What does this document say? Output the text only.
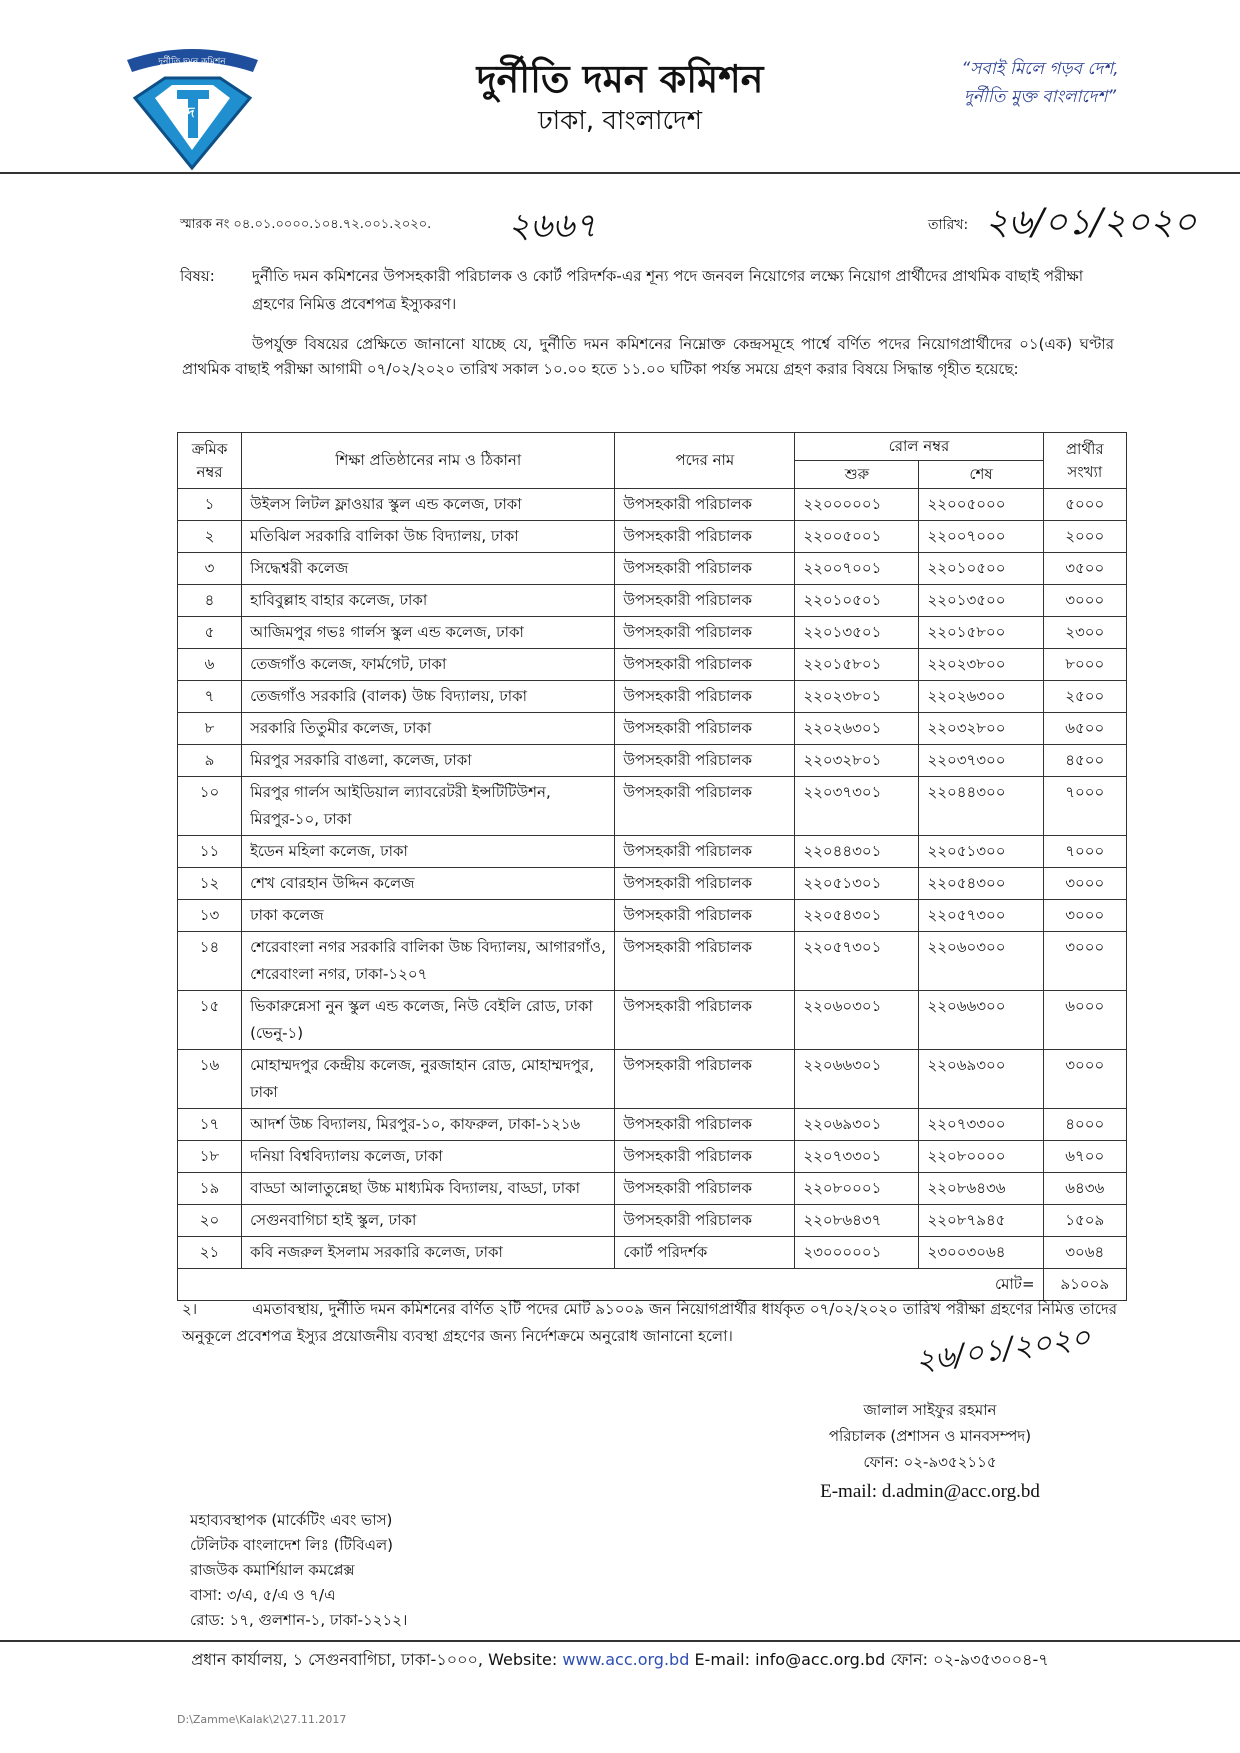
দুর্নীতি দমন কমিশন
দু দ ক
দুর্নীতি দমন কমিশন
ঢাকা, বাংলাদেশ
“সবাই মিলে গড়ব দেশ,
দুর্নীতি মুক্ত বাংলাদেশ”
স্মারক নং ০৪.০১.০০০০.১০৪.৭২.০০১.২০২০. ২৬৬৭	তারিখ: ২৬/০১/২০২০
বিষয়:	দুর্নীতি দমন কমিশনের উপসহকারী পরিচালক ও কোর্ট পরিদর্শক-এর শূন্য পদে জনবল নিয়োগের লক্ষ্যে নিয়োগ প্রার্থীদের প্রাথমিক বাছাই পরীক্ষা গ্রহণের নিমিত্ত প্রবেশপত্র ইস্যুকরণ।
উপর্যুক্ত বিষয়ের প্রেক্ষিতে জানানো যাচ্ছে যে, দুর্নীতি দমন কমিশনের নিম্নোক্ত কেন্দ্রসমূহে পার্শ্বে বর্ণিত পদের নিয়োগপ্রার্থীদের ০১(এক) ঘণ্টার প্রাথমিক বাছাই পরীক্ষা আগামী ০৭/০২/২০২০ তারিখ সকাল ১০.০০ হতে ১১.০০ ঘটিকা পর্যন্ত সময়ে গ্রহণ করার বিষয়ে সিদ্ধান্ত গৃহীত হয়েছে:
ক্রমিক নম্বর	শিক্ষা প্রতিষ্ঠানের নাম ও ঠিকানা	পদের নাম	রোল নম্বর		প্রার্থীর সংখ্যা
			শুরু	শেষ	
১	উইলস লিটল ফ্লাওয়ার স্কুল এন্ড কলেজ, ঢাকা	উপসহকারী পরিচালক	২২০০০০০১	২২০০৫০০০	৫০০০
২	মতিঝিল সরকারি বালিকা উচ্চ বিদ্যালয়, ঢাকা	উপসহকারী পরিচালক	২২০০৫০০১	২২০০৭০০০	২০০০
৩	সিদ্ধেশ্বরী কলেজ	উপসহকারী পরিচালক	২২০০৭০০১	২২০১০৫০০	৩৫০০
৪	হাবিবুল্লাহ বাহার কলেজ, ঢাকা	উপসহকারী পরিচালক	২২০১০৫০১	২২০১৩৫০০	৩০০০
৫	আজিমপুর গভঃ গার্লস স্কুল এন্ড কলেজ, ঢাকা	উপসহকারী পরিচালক	২২০১৩৫০১	২২০১৫৮০০	২৩০০
৬	তেজগাঁও কলেজ, ফার্মগেট, ঢাকা	উপসহকারী পরিচালক	২২০১৫৮০১	২২০২৩৮০০	৮০০০
৭	তেজগাঁও সরকারি (বালক) উচ্চ বিদ্যালয়, ঢাকা	উপসহকারী পরিচালক	২২০২৩৮০১	২২০২৬৩০০	২৫০০
৮	সরকারি তিতুমীর কলেজ, ঢাকা	উপসহকারী পরিচালক	২২০২৬৩০১	২২০৩২৮০০	৬৫০০
৯	মিরপুর সরকারি বাঙলা, কলেজ, ঢাকা	উপসহকারী পরিচালক	২২০৩২৮০১	২২০৩৭৩০০	৪৫০০
১০	মিরপুর গার্লস আইডিয়াল ল্যাবরেটরী ইন্সটিটিউশন, মিরপুর-১০, ঢাকা	উপসহকারী পরিচালক	২২০৩৭৩০১	২২০৪৪৩০০	৭০০০
১১	ইডেন মহিলা কলেজ, ঢাকা	উপসহকারী পরিচালক	২২০৪৪৩০১	২২০৫১৩০০	৭০০০
১২	শেখ বোরহান উদ্দিন কলেজ	উপসহকারী পরিচালক	২২০৫১৩০১	২২০৫৪৩০০	৩০০০
১৩	ঢাকা কলেজ	উপসহকারী পরিচালক	২২০৫৪৩০১	২২০৫৭৩০০	৩০০০
১৪	শেরেবাংলা নগর সরকারি বালিকা উচ্চ বিদ্যালয়, আগারগাঁও, শেরেবাংলা নগর, ঢাকা-১২০৭	উপসহকারী পরিচালক	২২০৫৭৩০১	২২০৬০৩০০	৩০০০
১৫	ভিকারুন্নেসা নুন স্কুল এন্ড কলেজ, নিউ বেইলি রোড, ঢাকা (ভেনু-১)	উপসহকারী পরিচালক	২২০৬০৩০১	২২০৬৬৩০০	৬০০০
১৬	মোহাম্মদপুর কেন্দ্রীয় কলেজ, নুরজাহান রোড, মোহাম্মদপুর, ঢাকা	উপসহকারী পরিচালক	২২০৬৬৩০১	২২০৬৯৩০০	৩০০০
১৭	আদর্শ উচ্চ বিদ্যালয়, মিরপুর-১০, কাফরুল, ঢাকা-১২১৬	উপসহকারী পরিচালক	২২০৬৯৩০১	২২০৭৩৩০০	৪০০০
১৮	দনিয়া বিশ্ববিদ্যালয় কলেজ, ঢাকা	উপসহকারী পরিচালক	২২০৭৩৩০১	২২০৮০০০০	৬৭০০
১৯	বাড্ডা আলাতুন্নেছা উচ্চ মাধ্যমিক বিদ্যালয়, বাড্ডা, ঢাকা	উপসহকারী পরিচালক	২২০৮০০০১	২২০৮৬৪৩৬	৬৪৩৬
২০	সেগুনবাগিচা হাই স্কুল, ঢাকা	উপসহকারী পরিচালক	২২০৮৬৪৩৭	২২০৮৭৯৪৫	১৫০৯
২১	কবি নজরুল ইসলাম সরকারি কলেজ, ঢাকা	কোর্ট পরিদর্শক	২৩০০০০০১	২৩০০৩০৬৪	৩০৬৪
মোট=					৯১০০৯
২।	এমতাবস্থায়, দুর্নীতি দমন কমিশনের বর্ণিত ২টি পদের মোট ৯১০০৯ জন নিয়োগপ্রার্থীর ধার্যকৃত ০৭/০২/২০২০ তারিখ পরীক্ষা গ্রহণের নিমিত্ত তাদের অনুকূলে প্রবেশপত্র ইস্যুর প্রয়োজনীয় ব্যবস্থা গ্রহণের জন্য নির্দেশক্রমে অনুরোধ জানানো হলো।	২৬/০১/২০২০
জালাল সাইফুর রহমান
পরিচালক (প্রশাসন ও মানবসম্পদ)
ফোন: ০২-৯৩৫২১১৫
E-mail: d.admin@acc.org.bd
মহাব্যবস্থাপক (মার্কেটিং এবং ভাস)
টেলিটক বাংলাদেশ লিঃ (টিবিএল)
রাজউক কমার্শিয়াল কমপ্লেক্স
বাসা: ৩/এ, ৫/এ ও ৭/এ
রোড: ১৭, গুলশান-১, ঢাকা-১২১২।
প্রধান কার্যালয়, ১ সেগুনবাগিচা, ঢাকা-১০০০, Website: www.acc.org.bd E-mail: info@acc.org.bd ফোন: ০২-৯৩৫৩০০৪-৭
D:\Zamme\Kalak\2\27.11.2017
